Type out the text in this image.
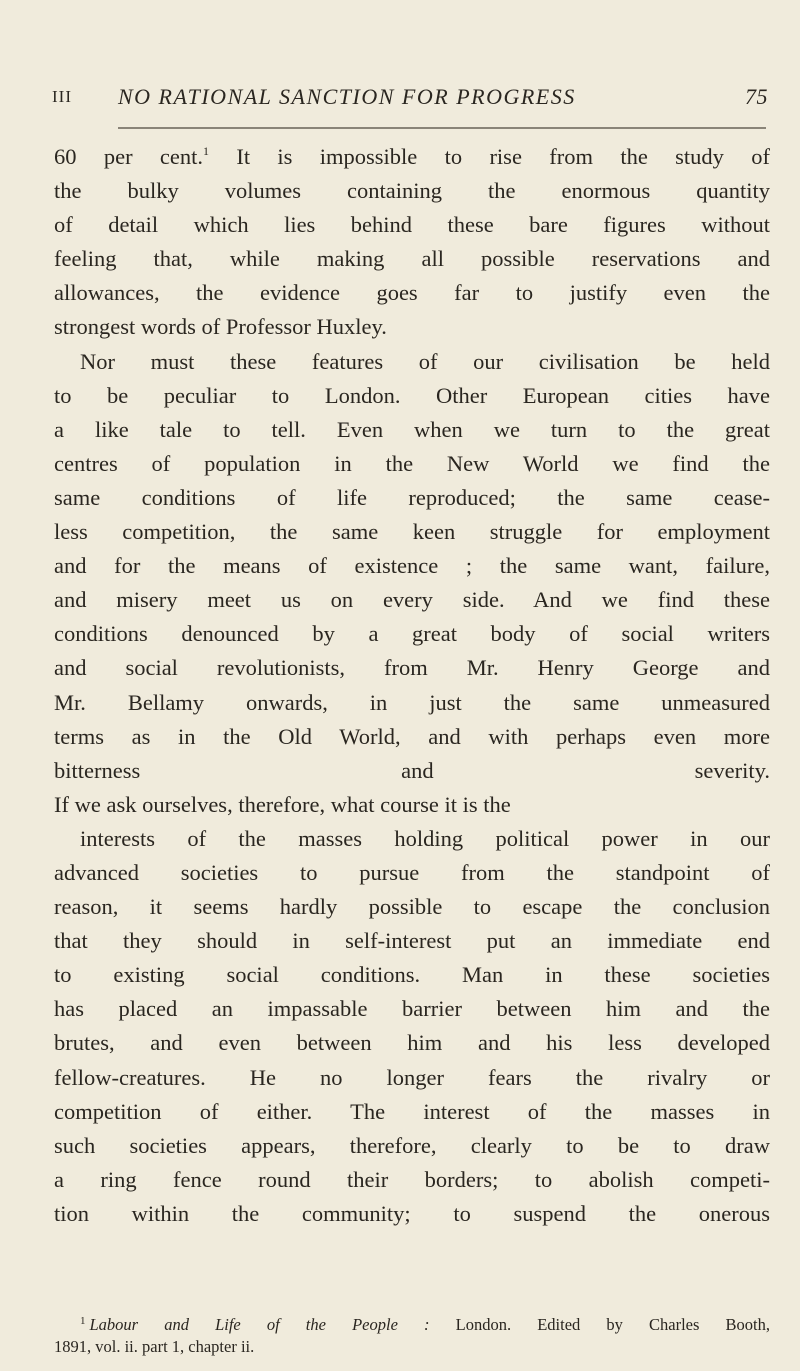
III NO RATIONAL SANCTION FOR PROGRESS	75
60 per cent.$^1$ It is impossible to rise from the study of
the bulky volumes containing the enormous quantity
of detail which lies behind these bare figures without
feeling that, while making all possible reservations and
allowances, the evidence goes far to justify even the
strongest words of Professor Huxley.
Nor must these features of our civilisation be held
to be peculiar to London. Other European cities have
a like tale to tell. Even when we turn to the great
centres of population in the New World we find the
same conditions of life reproduced; the same cease-
less competition, the same keen struggle for employment
and for the means of existence ; the same want, failure,
and misery meet us on every side. And we find these
conditions denounced by a great body of social writers
and social revolutionists, from Mr. Henry George and
Mr. Bellamy onwards, in just the same unmeasured
terms as in the Old World, and with perhaps even more
bitterness and severity.
If we ask ourselves, therefore, what course it is the
interests of the masses holding political power in our
advanced societies to pursue from the standpoint of
reason, it seems hardly possible to escape the conclusion
that they should in self-interest put an immediate end
to existing social conditions. Man in these societies
has placed an impassable barrier between him and the
brutes, and even between him and his less developed
fellow-creatures. He no longer fears the rivalry or
competition of either. The interest of the masses in
such societies appears, therefore, clearly to be to draw
a ring fence round their borders; to abolish competi-
tion within the community; to suspend the onerous
$^1$ Labour and Life of the People : London. Edited by Charles Booth,
1891, vol. ii. part 1, chapter ii.
